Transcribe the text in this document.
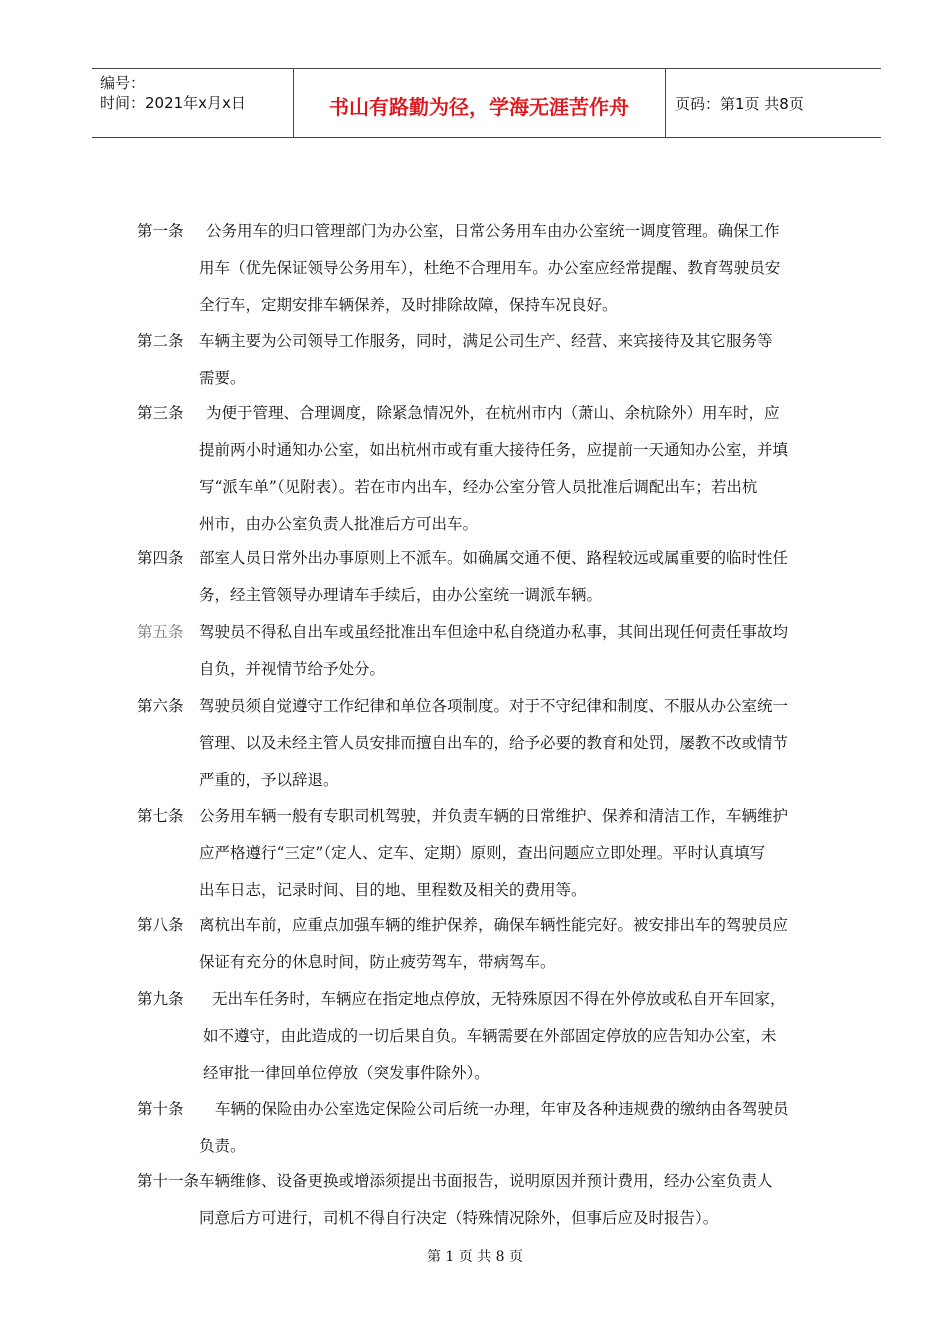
编号：
时间：2021年x月x日	书山有路勤为径，学海无涯苦作舟	页码：第1页 共8页
第一条 公务用车的归口管理部门为办公室，日常公务用车由办公室统一调度管理。确保工作
用车（优先保证领导公务用车），杜绝不合理用车。办公室应经常提醒、教育驾驶员安
全行车，定期安排车辆保养，及时排除故障，保持车况良好。
第二条 车辆主要为公司领导工作服务，同时，满足公司生产、经营、来宾接待及其它服务等
需要。
第三条 为便于管理、合理调度，除紧急情况外，在杭州市内（萧山、余杭除外）用车时，应
提前两小时通知办公室，如出杭州市或有重大接待任务，应提前一天通知办公室，并填
写“派车单”（见附表）。若在市内出车，经办公室分管人员批准后调配出车；若出杭
州市，由办公室负责人批准后方可出车。
第四条 部室人员日常外出办事原则上不派车。如确属交通不便、路程较远或属重要的临时性任
务，经主管领导办理请车手续后，由办公室统一调派车辆。
第五条 驾驶员不得私自出车或虽经批准出车但途中私自绕道办私事，其间出现任何责任事故均
自负，并视情节给予处分。
第六条 驾驶员须自觉遵守工作纪律和单位各项制度。对于不守纪律和制度、不服从办公室统一
管理、以及未经主管人员安排而擅自出车的，给予必要的教育和处罚，屡教不改或情节
严重的，予以辞退。
第七条 公务用车辆一般有专职司机驾驶，并负责车辆的日常维护、保养和清洁工作，车辆维护
应严格遵行“三定”（定人、定车、定期）原则，查出问题应立即处理。平时认真填写
出车日志，记录时间、目的地、里程数及相关的费用等。
第八条 离杭出车前，应重点加强车辆的维护保养，确保车辆性能完好。被安排出车的驾驶员应
保证有充分的休息时间，防止疲劳驾车，带病驾车。
第九条 无出车任务时，车辆应在指定地点停放，无特殊原因不得在外停放或私自开车回家，
如不遵守，由此造成的一切后果自负。车辆需要在外部固定停放的应告知办公室，未
经审批一律回单位停放（突发事件除外）。
第十条 车辆的保险由办公室选定保险公司后统一办理，年审及各种违规费的缴纳由各驾驶员
负责。
第十一条 车辆维修、设备更换或增添须提出书面报告，说明原因并预计费用，经办公室负责人
同意后方可进行，司机不得自行决定（特殊情况除外，但事后应及时报告）。
第 1 页 共 8 页
